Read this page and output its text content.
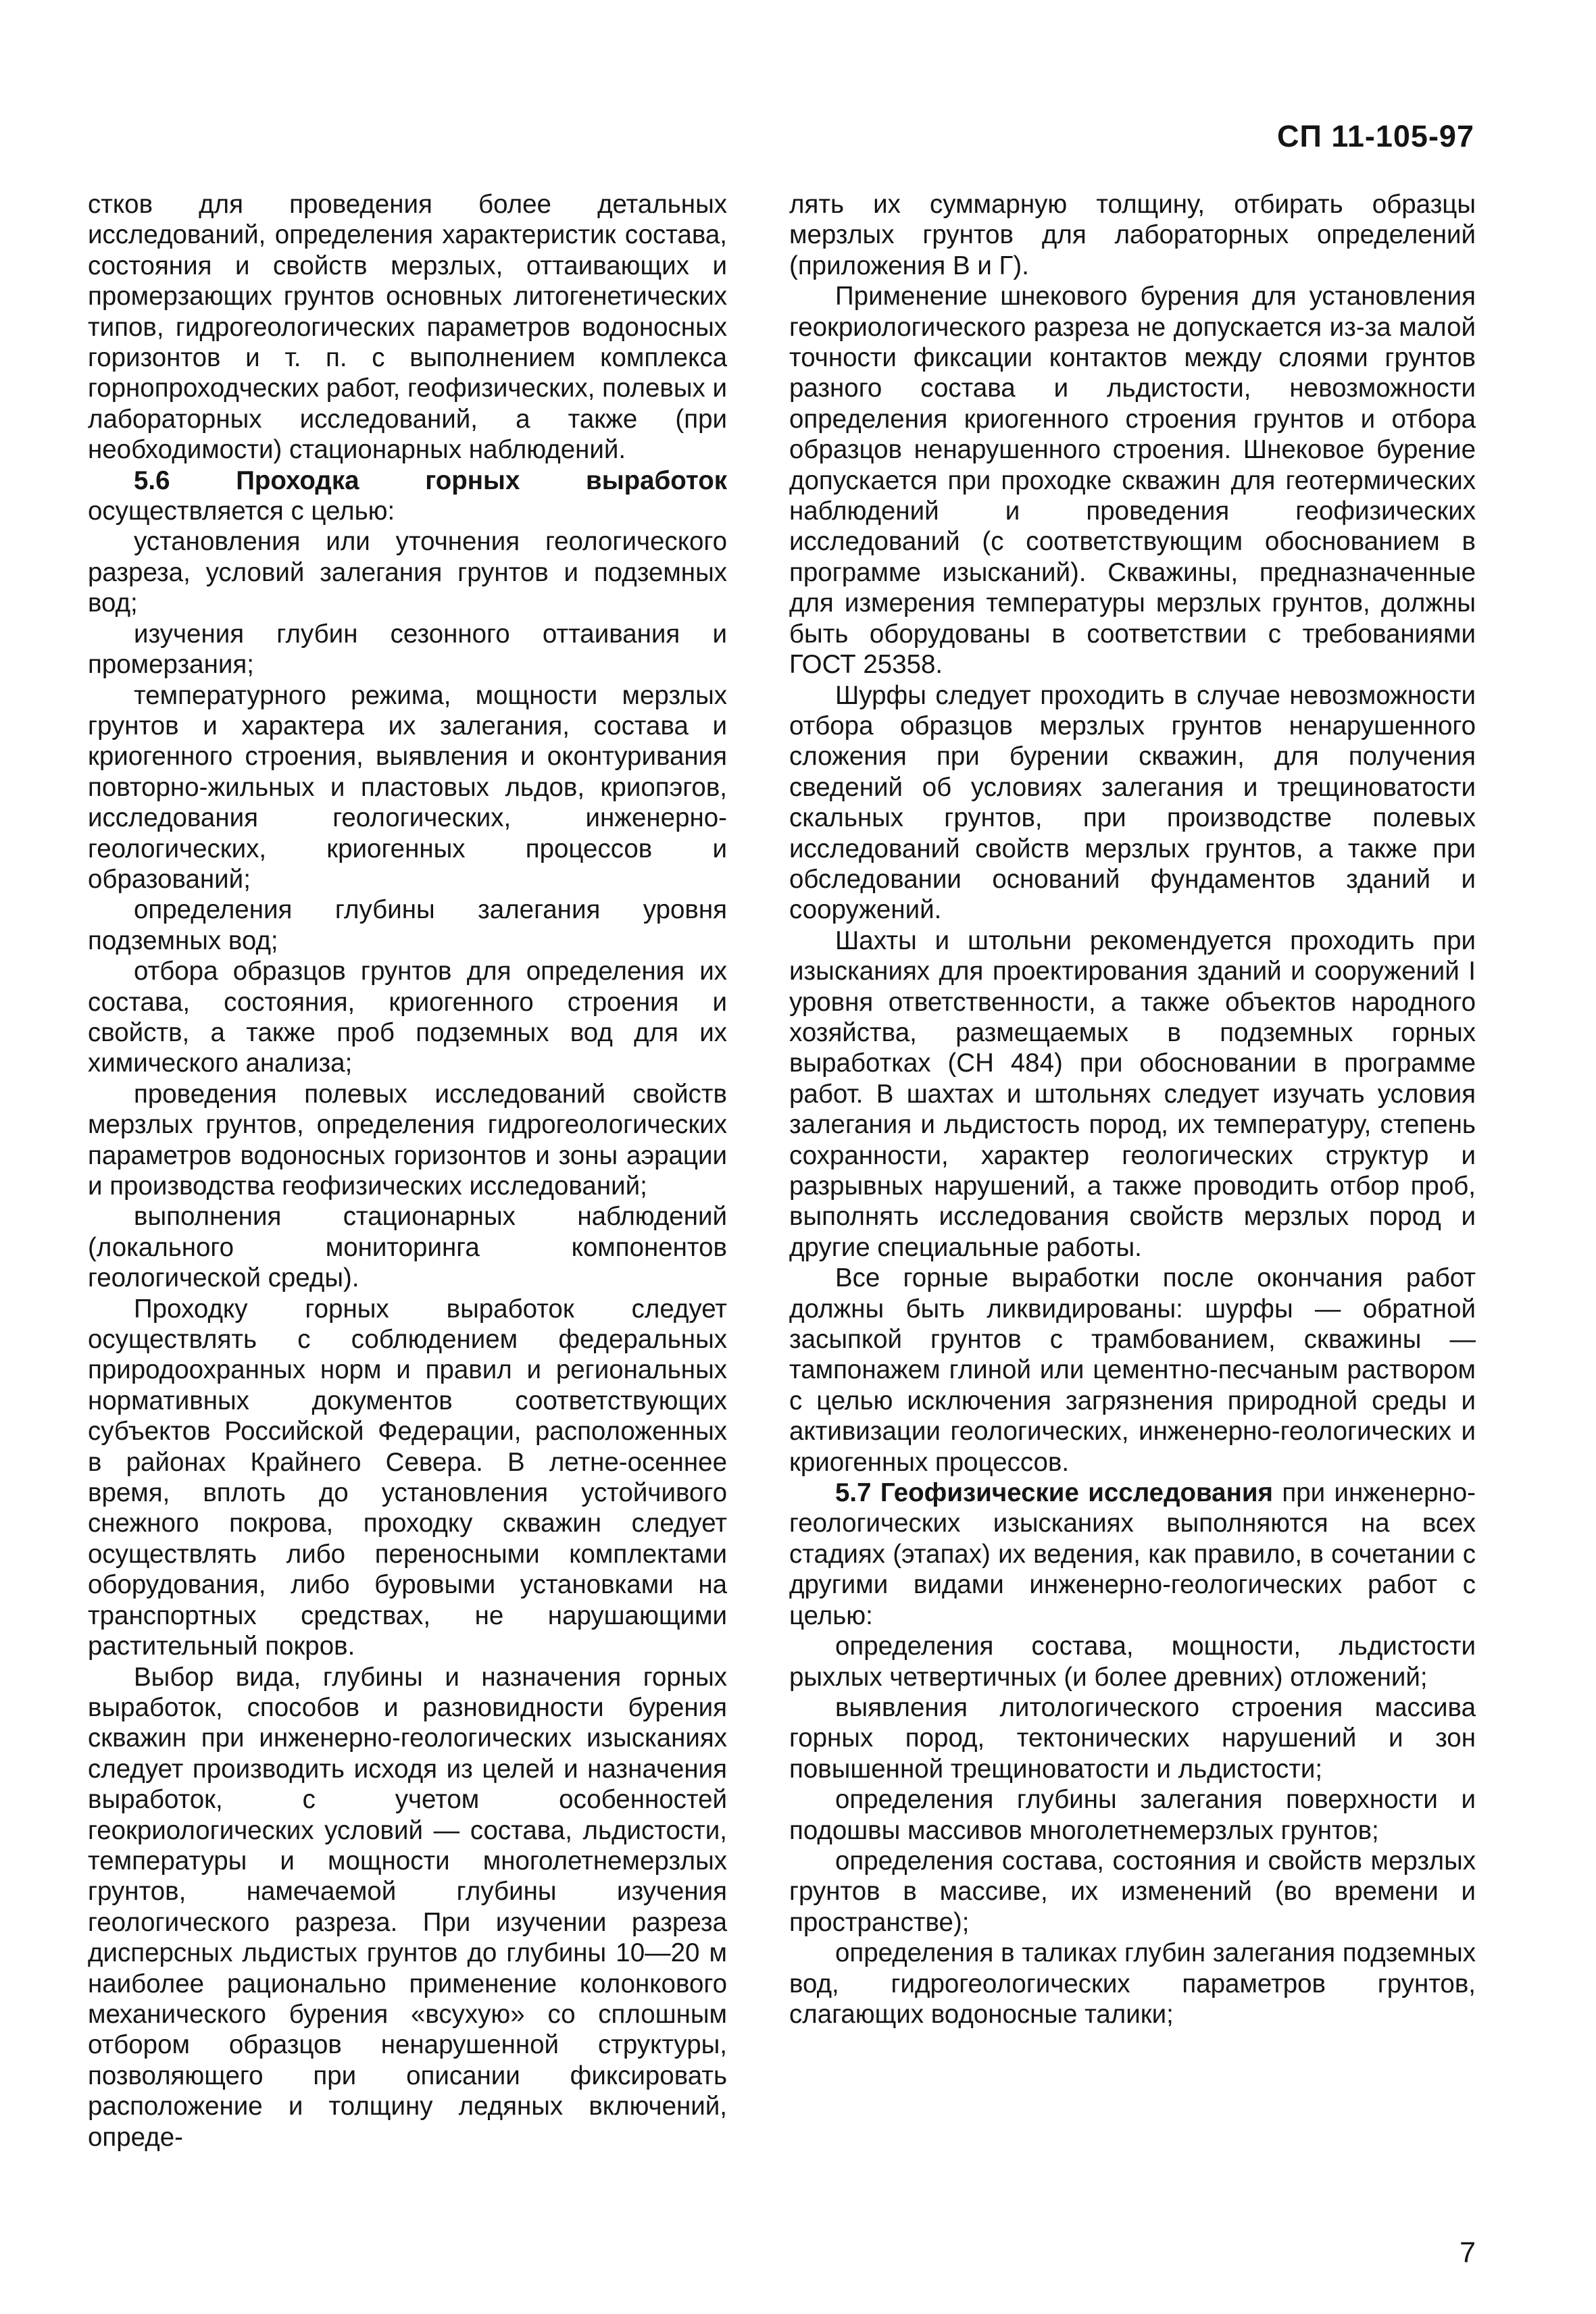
СП 11-105-97

стков для проведения более детальных исследований, определения характеристик состава, состояния и свойств мерзлых, оттаивающих и промерзающих грунтов основных литогенетических типов, гидрогеологических параметров водоносных горизонтов и т. п. с выполнением комплекса горнопроходческих работ, геофизических, полевых и лабораторных исследований, а также (при необходимости) стационарных наблюдений.

5.6 Проходка горных выработок осуществляется с целью:

установления или уточнения геологического разреза, условий залегания грунтов и подземных вод;

изучения глубин сезонного оттаивания и промерзания;

температурного режима, мощности мерзлых грунтов и характера их залегания, состава и криогенного строения, выявления и оконтуривания повторно-жильных и пластовых льдов, криопэгов, исследования геологических, инженерно-геологических, криогенных процессов и образований;

определения глубины залегания уровня подземных вод;

отбора образцов грунтов для определения их состава, состояния, криогенного строения и свойств, а также проб подземных вод для их химического анализа;

проведения полевых исследований свойств мерзлых грунтов, определения гидрогеологических параметров водоносных горизонтов и зоны аэрации и производства геофизических исследований;

выполнения стационарных наблюдений (локального мониторинга компонентов геологической среды).

Проходку горных выработок следует осуществлять с соблюдением федеральных природоохранных норм и правил и региональных нормативных документов соответствующих субъектов Российской Федерации, расположенных в районах Крайнего Севера. В летне-осеннее время, вплоть до установления устойчивого снежного покрова, проходку скважин следует осуществлять либо переносными комплектами оборудования, либо буровыми установками на транспортных средствах, не нарушающими растительный покров.

Выбор вида, глубины и назначения горных выработок, способов и разновидности бурения скважин при инженерно-геологических изысканиях следует производить исходя из целей и назначения выработок, с учетом особенностей геокриологических условий — состава, льдистости, температуры и мощности многолетнемерзлых грунтов, намечаемой глубины изучения геологического разреза. При изучении разреза дисперсных льдистых грунтов до глубины 10—20 м наиболее рационально применение колонкового механического бурения «всухую» со сплошным отбором образцов ненарушенной структуры, позволяющего при описании фиксировать расположение и толщину ледяных включений, опреде-

лять их суммарную толщину, отбирать образцы мерзлых грунтов для лабораторных определений (приложения В и Г).

Применение шнекового бурения для установления геокриологического разреза не допускается из-за малой точности фиксации контактов между слоями грунтов разного состава и льдистости, невозможности определения криогенного строения грунтов и отбора образцов ненарушенного строения. Шнековое бурение допускается при проходке скважин для геотермических наблюдений и проведения геофизических исследований (с соответствующим обоснованием в программе изысканий). Скважины, предназначенные для измерения температуры мерзлых грунтов, должны быть оборудованы в соответствии с требованиями ГОСТ 25358.

Шурфы следует проходить в случае невозможности отбора образцов мерзлых грунтов ненарушенного сложения при бурении скважин, для получения сведений об условиях залегания и трещиноватости скальных грунтов, при производстве полевых исследований свойств мерзлых грунтов, а также при обследовании оснований фундаментов зданий и сооружений.

Шахты и штольни рекомендуется проходить при изысканиях для проектирования зданий и сооружений I уровня ответственности, а также объектов народного хозяйства, размещаемых в подземных горных выработках (СН 484) при обосновании в программе работ. В шахтах и штольнях следует изучать условия залегания и льдистость пород, их температуру, степень сохранности, характер геологических структур и разрывных нарушений, а также проводить отбор проб, выполнять исследования свойств мерзлых пород и другие специальные работы.

Все горные выработки после окончания работ должны быть ликвидированы: шурфы — обратной засыпкой грунтов с трамбованием, скважины — тампонажем глиной или цементно-песчаным раствором с целью исключения загрязнения природной среды и активизации геологических, инженерно-геологических и криогенных процессов.

5.7 Геофизические исследования при инженерно-геологических изысканиях выполняются на всех стадиях (этапах) их ведения, как правило, в сочетании с другими видами инженерно-геологических работ с целью:

определения состава, мощности, льдистости рыхлых четвертичных (и более древних) отложений;

выявления литологического строения массива горных пород, тектонических нарушений и зон повышенной трещиноватости и льдистости;

определения глубины залегания поверхности и подошвы массивов многолетнемерзлых грунтов;

определения состава, состояния и свойств мерзлых грунтов в массиве, их изменений (во времени и пространстве);

определения в таликах глубин залегания подземных вод, гидрогеологических параметров грунтов, слагающих водоносные талики;

7
